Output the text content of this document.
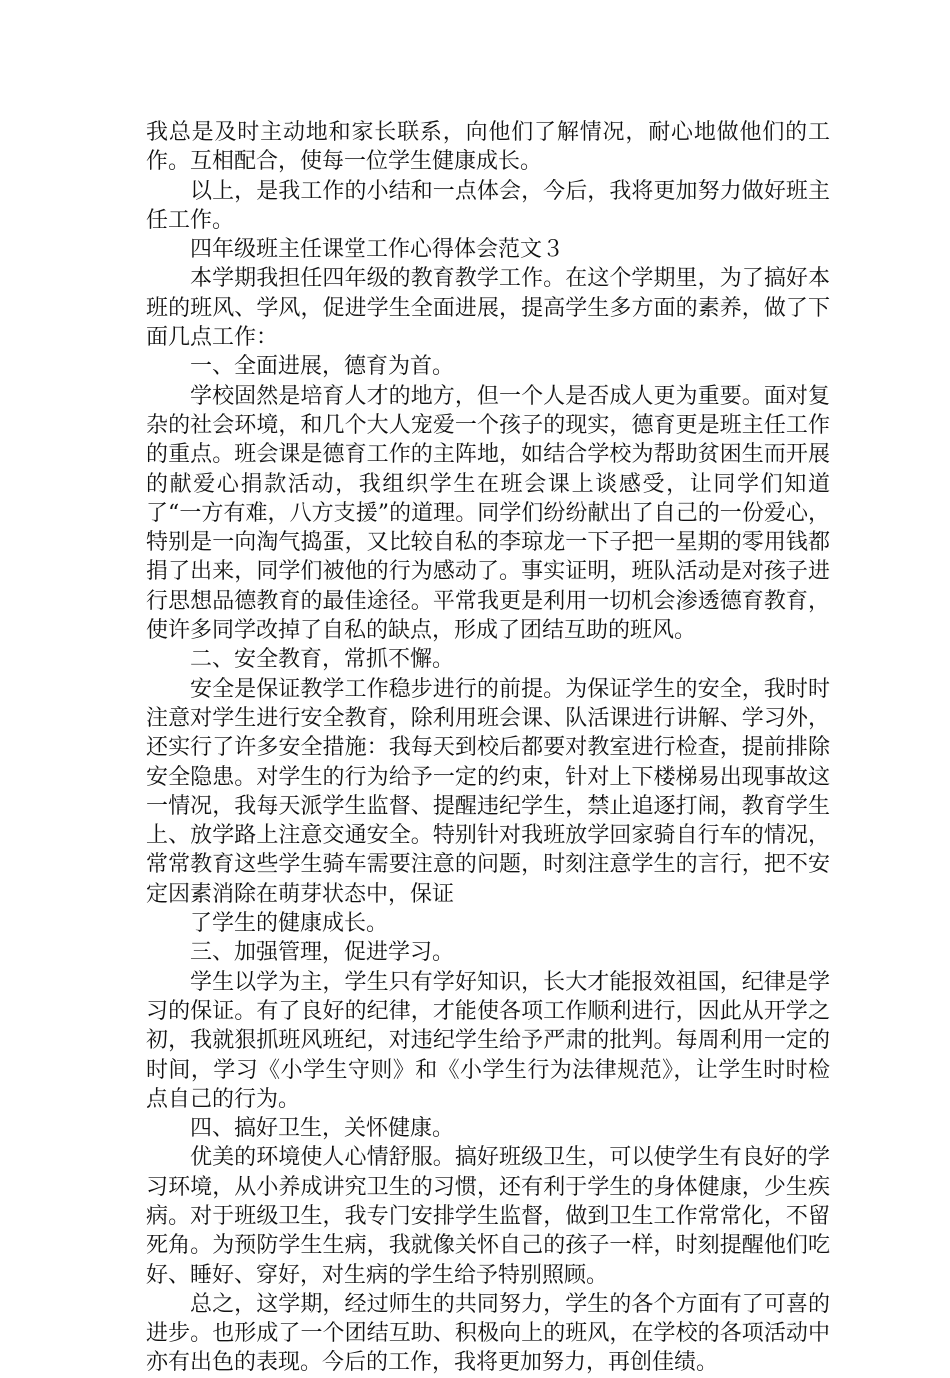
我总是及时主动地和家长联系，向他们了解情况，耐心地做他们的工作。互相配合，使每一位学生健康成长。

以上，是我工作的小结和一点体会，今后，我将更加努力做好班主任工作。

四年级班主任课堂工作心得体会范文３

本学期我担任四年级的教育教学工作。在这个学期里，为了搞好本班的班风、学风，促进学生全面进展，提高学生多方面的素养，做了下面几点工作：

一、全面进展，德育为首。

学校固然是培育人才的地方，但一个人是否成人更为重要。面对复杂的社会环境，和几个大人宠爱一个孩子的现实，德育更是班主任工作的重点。班会课是德育工作的主阵地，如结合学校为帮助贫困生而开展的献爱心捐款活动，我组织学生在班会课上谈感受，让同学们知道了“一方有难，八方支援”的道理。同学们纷纷献出了自己的一份爱心，特别是一向淘气捣蛋，又比较自私的李琼龙一下子把一星期的零用钱都捐了出来，同学们被他的行为感动了。事实证明，班队活动是对孩子进行思想品德教育的最佳途径。平常我更是利用一切机会渗透德育教育，使许多同学改掉了自私的缺点，形成了团结互助的班风。

二、安全教育，常抓不懈。

安全是保证教学工作稳步进行的前提。为保证学生的安全，我时时注意对学生进行安全教育，除利用班会课、队活课进行讲解、学习外，还实行了许多安全措施：我每天到校后都要对教室进行检查，提前排除安全隐患。对学生的行为给予一定的约束，针对上下楼梯易出现事故这一情况，我每天派学生监督、提醒违纪学生，禁止追逐打闹，教育学生上、放学路上注意交通安全。特别针对我班放学回家骑自行车的情况，常常教育这些学生骑车需要注意的问题，时刻注意学生的言行，把不安定因素消除在萌芽状态中，保证

了学生的健康成长。

三、加强管理，促进学习。

学生以学为主，学生只有学好知识，长大才能报效祖国，纪律是学习的保证。有了良好的纪律，才能使各项工作顺利进行，因此从开学之初，我就狠抓班风班纪，对违纪学生给予严肃的批判。每周利用一定的时间，学习《小学生守则》和《小学生行为法律规范》，让学生时时检点自己的行为。

四、搞好卫生，关怀健康。

优美的环境使人心情舒服。搞好班级卫生，可以使学生有良好的学习环境，从小养成讲究卫生的习惯，还有利于学生的身体健康，少生疾病。对于班级卫生，我专门安排学生监督，做到卫生工作常常化，不留死角。为预防学生生病，我就像关怀自己的孩子一样，时刻提醒他们吃好、睡好、穿好，对生病的学生给予特别照顾。

总之，这学期，经过师生的共同努力，学生的各个方面有了可喜的进步。也形成了一个团结互助、积极向上的班风，在学校的各项活动中亦有出色的表现。今后的工作，我将更加努力，再创佳绩。
